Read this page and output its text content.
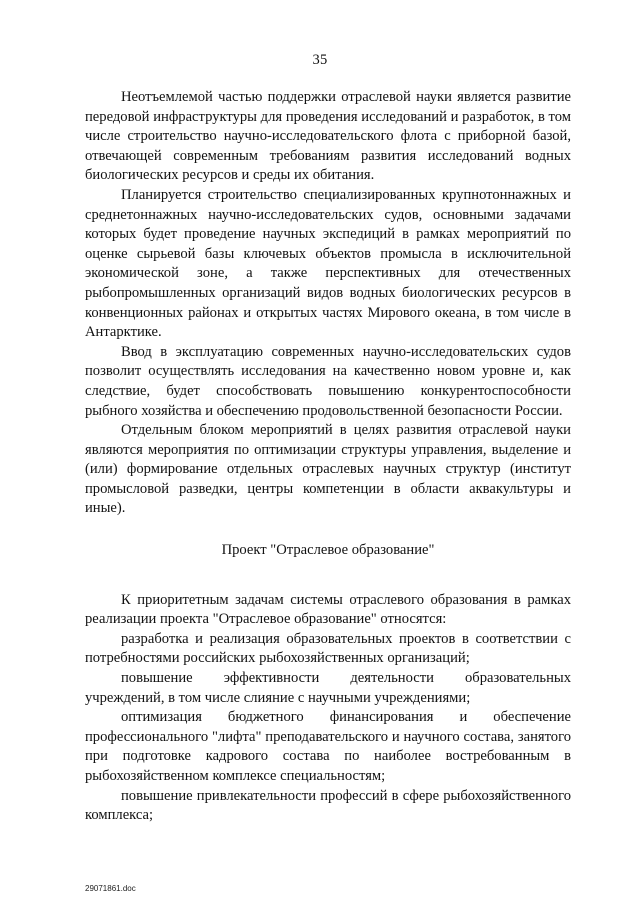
35

Неотъемлемой частью поддержки отраслевой науки является развитие передовой инфраструктуры для проведения исследований и разработок, в том числе строительство научно-исследовательского флота с приборной базой, отвечающей современным требованиям развития исследований водных биологических ресурсов и среды их обитания.

Планируется строительство специализированных крупнотоннажных и среднетоннажных научно-исследовательских судов, основными задачами которых будет проведение научных экспедиций в рамках мероприятий по оценке сырьевой базы ключевых объектов промысла в исключительной экономической зоне, а также перспективных для отечественных рыбопромышленных организаций видов водных биологических ресурсов в конвенционных районах и открытых частях Мирового океана, в том числе в Антарктике.

Ввод в эксплуатацию современных научно-исследовательских судов позволит осуществлять исследования на качественно новом уровне и, как следствие, будет способствовать повышению конкурентоспособности рыбного хозяйства и обеспечению продовольственной безопасности России.

Отдельным блоком мероприятий в целях развития отраслевой науки являются мероприятия по оптимизации структуры управления, выделение и (или) формирование отдельных отраслевых научных структур (институт промысловой разведки, центры компетенции в области аквакультуры и иные).

Проект "Отраслевое образование"

К приоритетным задачам системы отраслевого образования в рамках реализации проекта "Отраслевое образование" относятся:

разработка и реализация образовательных проектов в соответствии с потребностями российских рыбохозяйственных организаций;

повышение эффективности деятельности образовательных учреждений, в том числе слияние с научными учреждениями;

оптимизация бюджетного финансирования и обеспечение профессионального "лифта" преподавательского и научного состава, занятого при подготовке кадрового состава по наиболее востребованным в рыбохозяйственном комплексе специальностям;

повышение привлекательности профессий в сфере рыбохозяйственного комплекса;

29071861.doc
